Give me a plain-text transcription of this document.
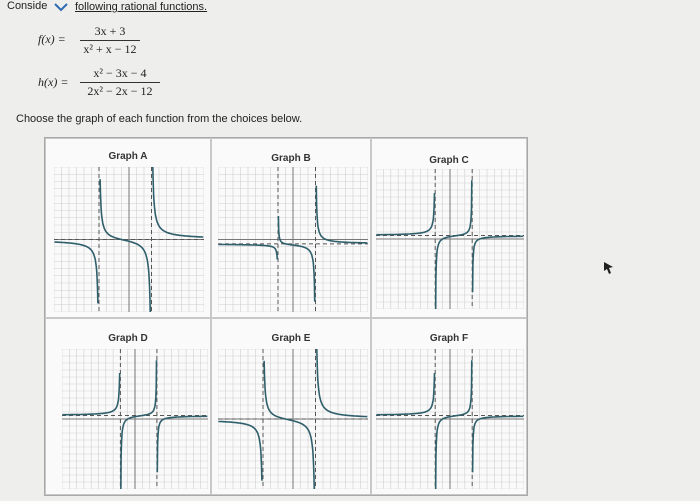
Conside	following rational functions.
$f(x) = \frac{3x + 3}{\text{x² + x − 12}}$
$h(x) = \frac{\text{x² − 3x − 4}}{\text{2x² − 2x − 12}}$
Choose the graph of each function from the choices below.
Graph A	Graph B	Graph C
Graph D	Graph E	Graph F
